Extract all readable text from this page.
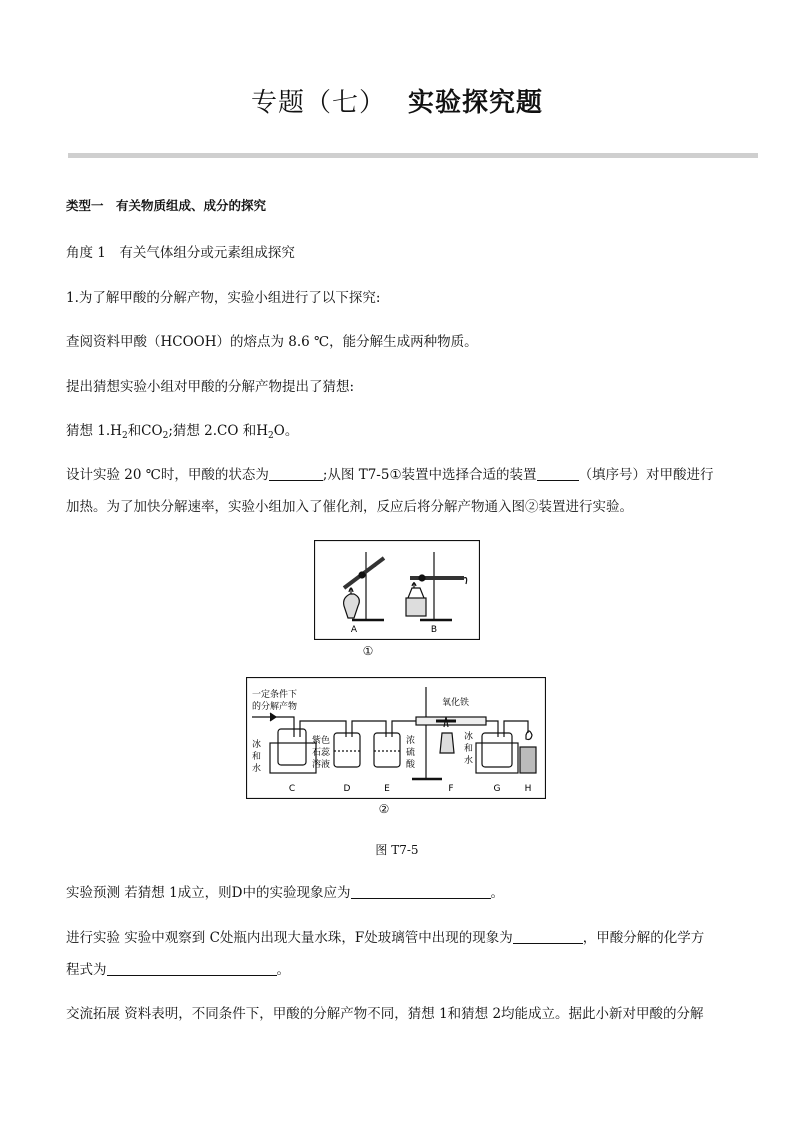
专题（七） 实验探究题
类型一　有关物质组成、成分的探究
角度 1　有关气体组分或元素组成探究
1.为了解甲酸的分解产物，实验小组进行了以下探究:
查阅资料甲酸（HCOOH）的熔点为 8.6 ℃，能分解生成两种物质。
提出猜想实验小组对甲酸的分解产物提出了猜想:
猜想 $1.H_2$和$CO_2$;猜想 2.CO 和$H_2O$。
设计实验 20 ℃时，甲酸的状态为	;从图 T7-5①装置中选择合适的装置	（填序号）对甲酸进行
加热。为了加快分解速率，实验小组加入了催化剂，反应后将分解产物通入图②装置进行实验。
A	B
①
一定条件下
的分解产物
冰
和
水
紫色
石蕊
溶液
浓
硫
酸
氧化铁
冰
和
水
C	D	E	F	G	H
②
图 T7-5
实验预测 若猜想 1成立，则D中的实验现象应为	。
进行实验 实验中观察到 C处瓶内出现大量水珠，F处玻璃管中出现的现象为	，甲酸分解的化学方
程式为	。
交流拓展 资料表明，不同条件下，甲酸的分解产物不同，猜想 1和猜想 2均能成立。据此小新对甲酸的分解
